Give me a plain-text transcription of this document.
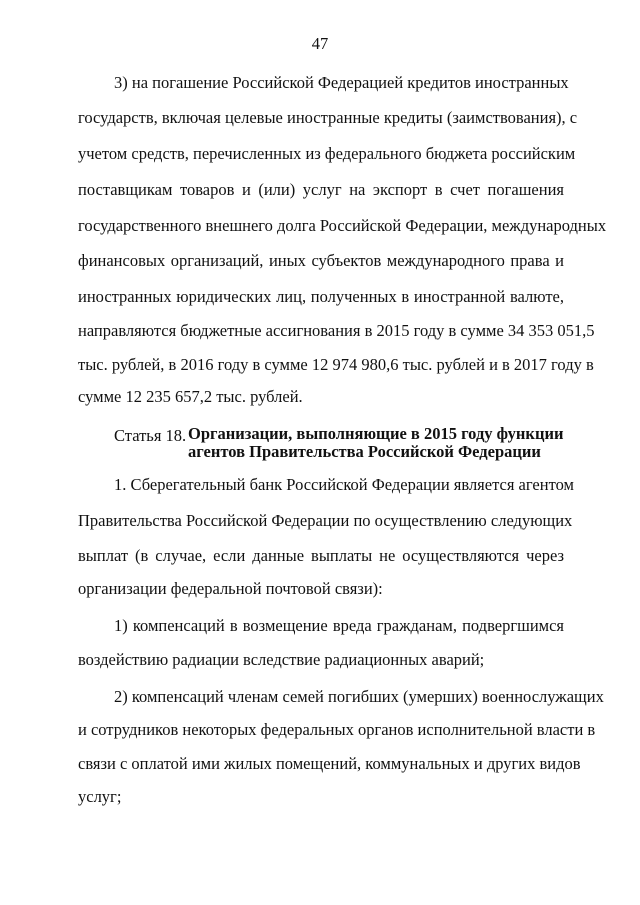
47
3) на погашение Российской Федерацией кредитов иностранных
государств, включая целевые иностранные кредиты (заимствования), с
учетом средств, перечисленных из федерального бюджета российским
поставщикам товаров и (или) услуг на экспорт в счет погашения
государственного внешнего долга Российской Федерации, международных
финансовых организаций, иных субъектов международного права и
иностранных юридических лиц, полученных в иностранной валюте,
направляются бюджетные ассигнования в 2015 году в сумме 34 353 051,5
тыс. рублей, в 2016 году в сумме 12 974 980,6 тыс. рублей и в 2017 году в
сумме 12 235 657,2 тыс. рублей.
Статья 18. Организации, выполняющие в 2015 году функции
агентов Правительства Российской Федерации
1. Сберегательный банк Российской Федерации является агентом
Правительства Российской Федерации по осуществлению следующих
выплат (в случае, если данные выплаты не осуществляются через
организации федеральной почтовой связи):
1) компенсаций в возмещение вреда гражданам, подвергшимся
воздействию радиации вследствие радиационных аварий;
2) компенсаций членам семей погибших (умерших) военнослужащих
и сотрудников некоторых федеральных органов исполнительной власти в
связи с оплатой ими жилых помещений, коммунальных и других видов
услуг;
